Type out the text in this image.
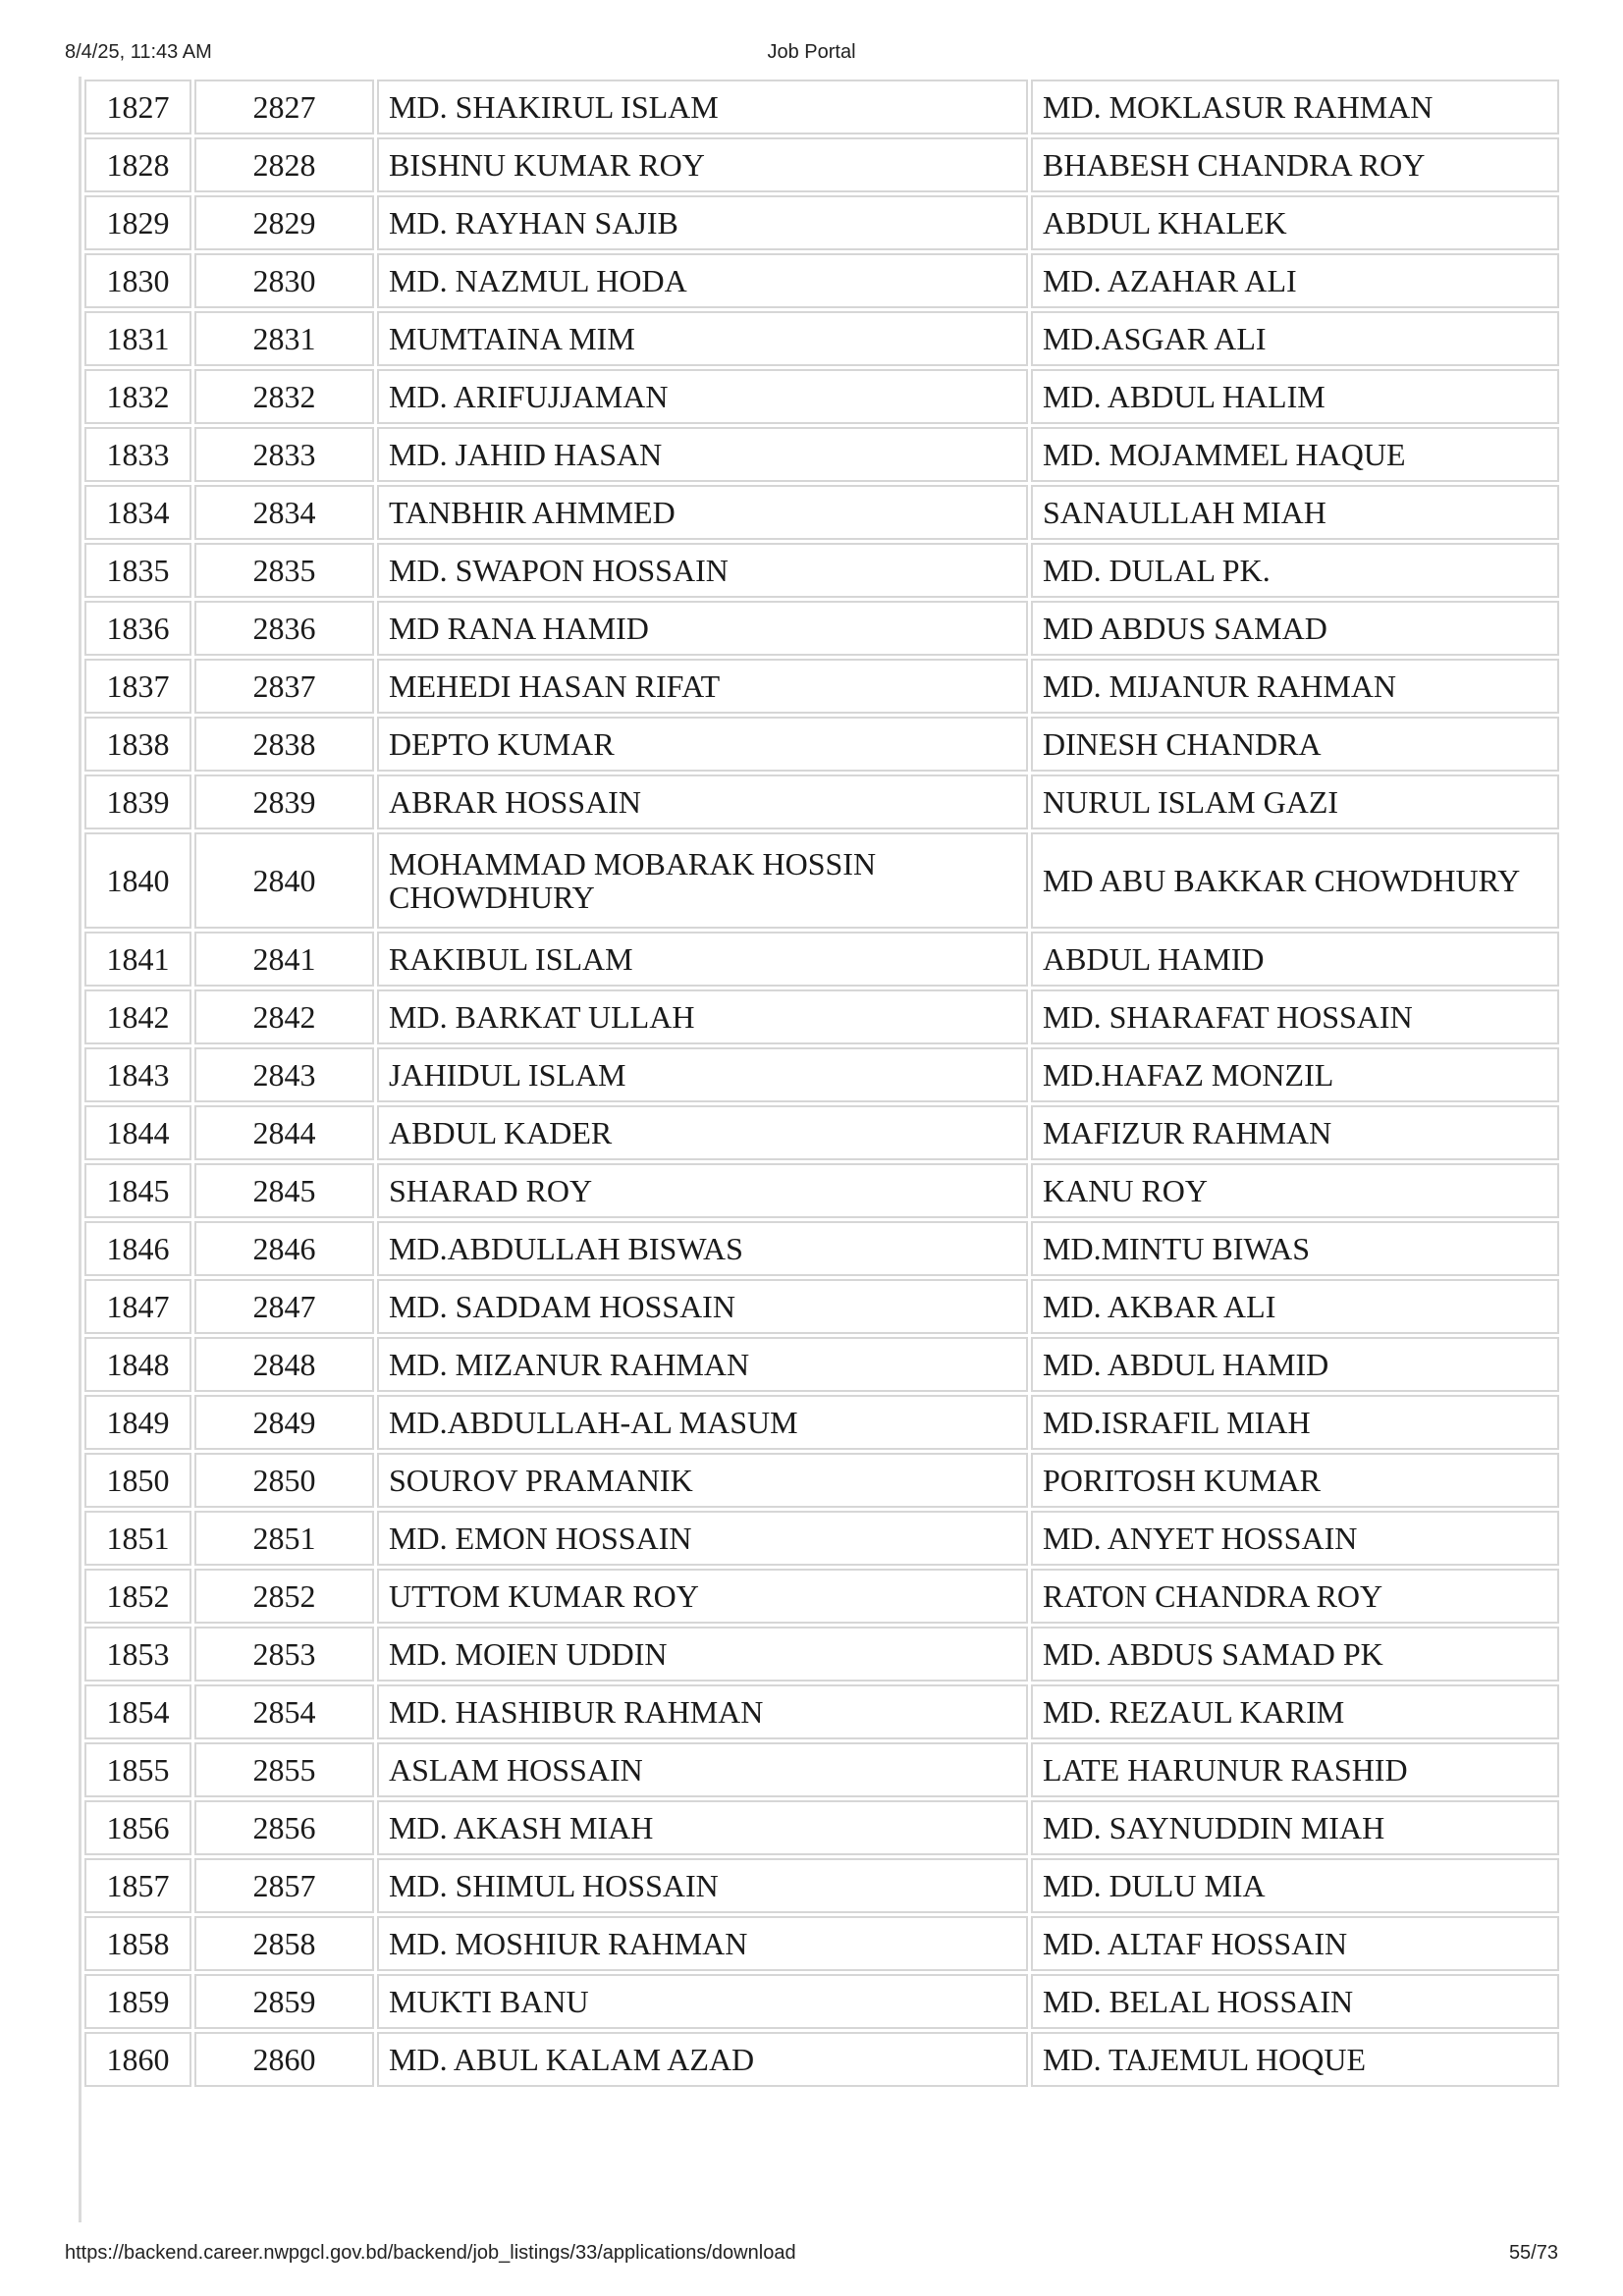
8/4/25, 11:43 AM	Job Portal
1827	2827	MD. SHAKIRUL ISLAM	MD. MOKLASUR RAHMAN
1828	2828	BISHNU KUMAR ROY	BHABESH CHANDRA ROY
1829	2829	MD. RAYHAN SAJIB	ABDUL KHALEK
1830	2830	MD. NAZMUL HODA	MD. AZAHAR ALI
1831	2831	MUMTAINA MIM	MD.ASGAR ALI
1832	2832	MD. ARIFUJJAMAN	MD. ABDUL HALIM
1833	2833	MD. JAHID HASAN	MD. MOJAMMEL HAQUE
1834	2834	TANBHIR AHMMED	SANAULLAH MIAH
1835	2835	MD. SWAPON HOSSAIN	MD. DULAL PK.
1836	2836	MD RANA HAMID	MD ABDUS SAMAD
1837	2837	MEHEDI HASAN RIFAT	MD. MIJANUR RAHMAN
1838	2838	DEPTO KUMAR	DINESH CHANDRA
1839	2839	ABRAR HOSSAIN	NURUL ISLAM GAZI
1840	2840	MOHAMMAD MOBARAK HOSSIN CHOWDHURY	MD ABU BAKKAR CHOWDHURY
1841	2841	RAKIBUL ISLAM	ABDUL HAMID
1842	2842	MD. BARKAT ULLAH	MD. SHARAFAT HOSSAIN
1843	2843	JAHIDUL ISLAM	MD.HAFAZ MONZIL
1844	2844	ABDUL KADER	MAFIZUR RAHMAN
1845	2845	SHARAD ROY	KANU ROY
1846	2846	MD.ABDULLAH BISWAS	MD.MINTU BIWAS
1847	2847	MD. SADDAM HOSSAIN	MD. AKBAR ALI
1848	2848	MD. MIZANUR RAHMAN	MD. ABDUL HAMID
1849	2849	MD.ABDULLAH-AL MASUM	MD.ISRAFIL MIAH
1850	2850	SOUROV PRAMANIK	PORITOSH KUMAR
1851	2851	MD. EMON HOSSAIN	MD. ANYET HOSSAIN
1852	2852	UTTOM KUMAR ROY	RATON CHANDRA ROY
1853	2853	MD. MOIEN UDDIN	MD. ABDUS SAMAD PK
1854	2854	MD. HASHIBUR RAHMAN	MD. REZAUL KARIM
1855	2855	ASLAM HOSSAIN	LATE HARUNUR RASHID
1856	2856	MD. AKASH MIAH	MD. SAYNUDDIN MIAH
1857	2857	MD. SHIMUL HOSSAIN	MD. DULU MIA
1858	2858	MD. MOSHIUR RAHMAN	MD. ALTAF HOSSAIN
1859	2859	MUKTI BANU	MD. BELAL HOSSAIN
1860	2860	MD. ABUL KALAM AZAD	MD. TAJEMUL HOQUE
https://backend.career.nwpgcl.gov.bd/backend/job_listings/33/applications/download	55/73
